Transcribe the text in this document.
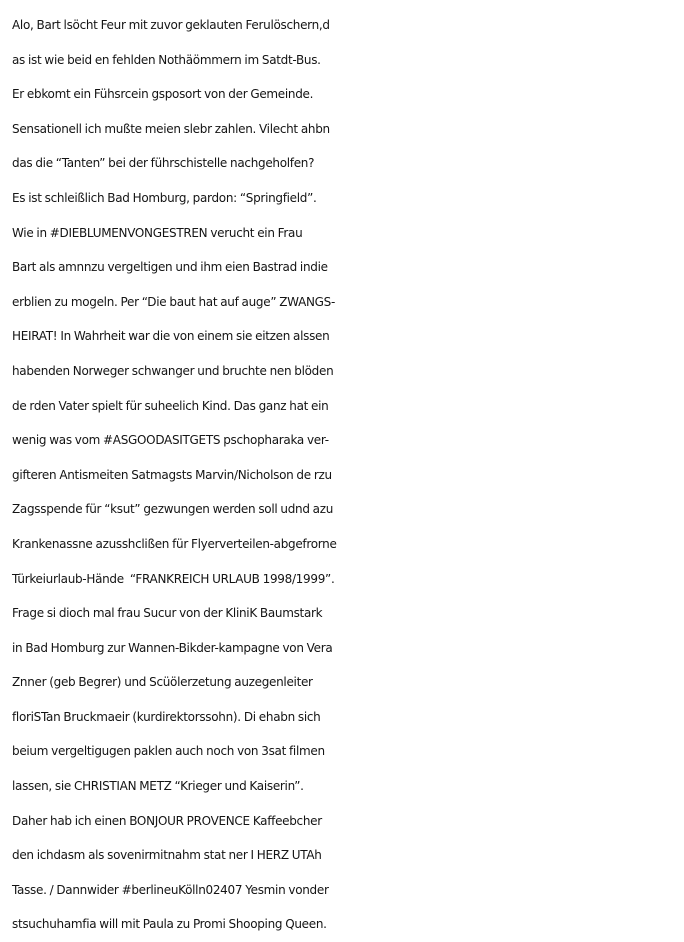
Alo, Bart lsöcht Feur mit zuvor geklauten Ferulöschern,d
as ist wie beid en fehlden Nothäömmern im Satdt-Bus.
Er ebkomt ein Fühsrcein gsposort von der Gemeinde.
Sensationell ich mußte meien slebr zahlen. Vilecht ahbn
das die “Tanten” bei der führschistelle nachgeholfen?
Es ist schleißlich Bad Homburg, pardon: “Springfield”.
Wie in #DIEBLUMENVONGESTREN verucht ein Frau
Bart als amnnzu vergeltigen und ihm eien Bastrad indie
erblien zu mogeln. Per “Die baut hat auf auge” ZWANGS-
HEIRAT! In Wahrheit war die von einem sie eitzen alssen
habenden Norweger schwanger und bruchte nen blöden
de rden Vater spielt für suheelich Kind. Das ganz hat ein
wenig was vom #ASGOODASITGETS pschopharaka ver-
gifteren Antismeiten Satmagsts Marvin/Nicholson de rzu
Zagsspende für “ksut” gezwungen werden soll udnd azu
Krankenassne azusshclißen für Flyerverteilen-abgefrorne
Türkeiurlaub-Hände  “FRANKREICH URLAUB 1998/1999”.
Frage si dioch mal frau Sucur von der KliniK Baumstark
in Bad Homburg zur Wannen-Bikder-kampagne von Vera
Znner (geb Begrer) und Scüölerzetung auzegenleiter
floriSTan Bruckmaeir (kurdirektorssohn). Di ehabn sich
beium vergeltigugen paklen auch noch von 3sat filmen
lassen, sie CHRISTIAN METZ “Krieger und Kaiserin”.
Daher hab ich einen BONJOUR PROVENCE Kaffeebcher
den ichdasm als sovenirmitnahm stat ner I HERZ UTAh
Tasse. / Dannwider #berlineuKölln02407 Yesmin vonder
stsuchuhamfia will mit Paula zu Promi Shooping Queen.
